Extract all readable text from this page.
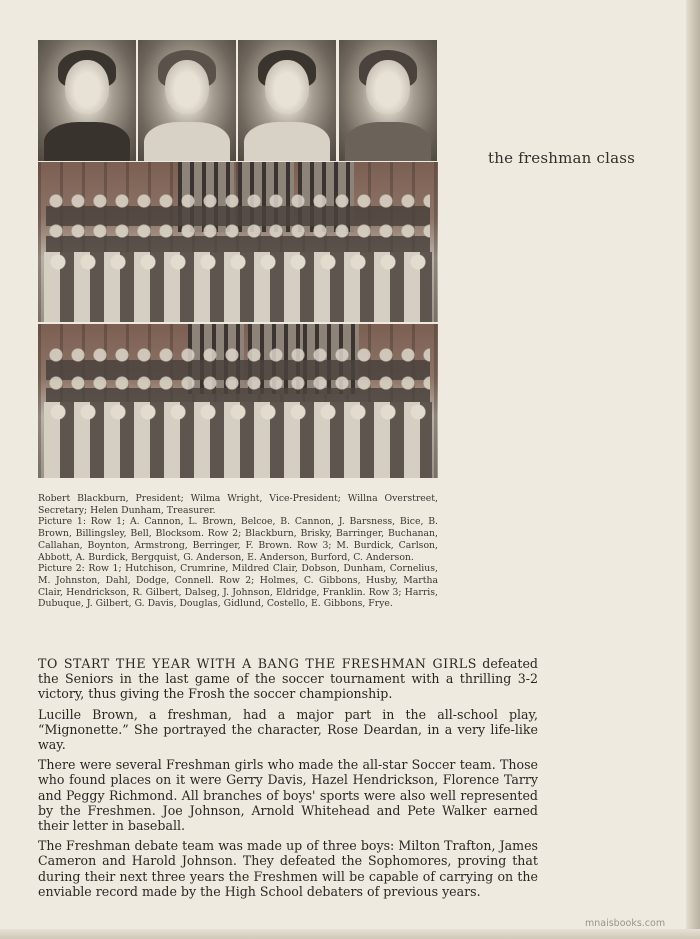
the freshman class

Robert Blackburn, President; Wilma Wright, Vice-President; Willna Overstreet, Secretary; Helen Dunham, Treasurer.

Picture 1: Row 1; A. Cannon, L. Brown, Belcoe, B. Cannon, J. Barsness, Bice, B. Brown, Billingsley, Bell, Blocksom. Row 2; Blackburn, Brisky, Barringer, Buchanan, Callahan, Boynton, Armstrong, Berringer, F. Brown. Row 3; M. Burdick, Carlson, Abbott, A. Burdick, Bergquist, G. Anderson, E. Anderson, Burford, C. Anderson.

Picture 2: Row 1; Hutchison, Crumrine, Mildred Clair, Dobson, Dunham, Cornelius, M. Johnston, Dahl, Dodge, Connell. Row 2; Holmes, C. Gibbons, Husby, Martha Clair, Hendrickson, R. Gilbert, Dalseg, J. Johnson, Eldridge, Franklin. Row 3; Harris, Dubuque, J. Gilbert, G. Davis, Douglas, Gidlund, Costello, E. Gibbons, Frye.

TO START THE YEAR WITH A BANG THE FRESHMAN GIRLS defeated the Seniors in the last game of the soccer tournament with a thrilling 3-2 victory, thus giving the Frosh the soccer championship.

Lucille Brown, a freshman, had a major part in the all-school play, “Mignonette.” She portrayed the character, Rose Deardan, in a very life-like way.

There were several Freshman girls who made the all-star Soccer team. Those who found places on it were Gerry Davis, Hazel Hendrickson, Florence Tarry and Peggy Richmond. All branches of boys' sports were also well represented by the Freshmen. Joe Johnson, Arnold Whitehead and Pete Walker earned their letter in baseball.

The Freshman debate team was made up of three boys: Milton Trafton, James Cameron and Harold Johnson. They defeated the Sophomores, proving that during their next three years the Freshmen will be capable of carrying on the enviable record made by the High School debaters of previous years.

mnaisbooks.com
